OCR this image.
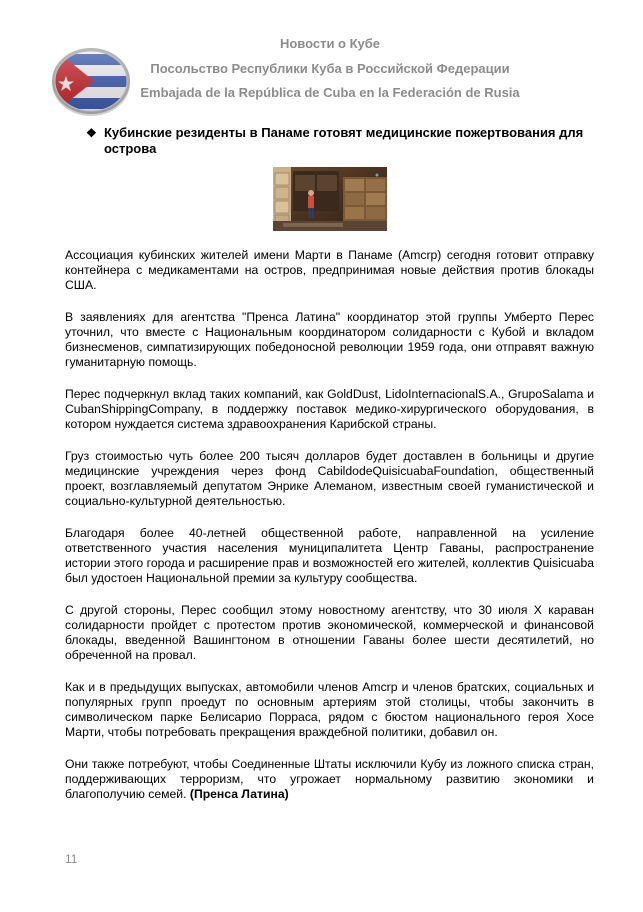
Новости о Кубе
Посольство Республики Куба в Российской Федерации
Embajada de la República de Cuba en la Federación de Rusia
❖ Кубинские резиденты в Панаме готовят медицинские пожертвования для острова

Ассоциация кубинских жителей имени Марти в Панаме (Amcrp) сегодня готовит отправку контейнера с медикаментами на остров, предпринимая новые действия против блокады США.

В заявлениях для агентства "Пренса Латина" координатор этой группы Умберто Перес уточнил, что вместе с Национальным координатором солидарности с Кубой и вкладом бизнесменов, симпатизирующих победоносной революции 1959 года, они отправят важную гуманитарную помощь.

Перес подчеркнул вклад таких компаний, как GoldDust, LidoInternacionalS.A., GrupoSalama и CubanShippingCompany, в поддержку поставок медико-хирургического оборудования, в котором нуждается система здравоохранения Карибской страны.

Груз стоимостью чуть более 200 тысяч долларов будет доставлен в больницы и другие медицинские учреждения через фонд CabildodeQuisicuabaFoundation, общественный проект, возглавляемый депутатом Энрике Алеманом, известным своей гуманистической и социально-культурной деятельностью.

Благодаря более 40-летней общественной работе, направленной на усиление ответственного участия населения муниципалитета Центр Гаваны, распространение истории этого города и расширение прав и возможностей его жителей, коллектив Quisicuaba был удостоен Национальной премии за культуру сообщества.

С другой стороны, Перес сообщил этому новостному агентству, что 30 июля X караван солидарности пройдет с протестом против экономической, коммерческой и финансовой блокады, введенной Вашингтоном в отношении Гаваны более шести десятилетий, но обреченной на провал.

Как и в предыдущих выпусках, автомобили членов Amcrp и членов братских, социальных и популярных групп проедут по основным артериям этой столицы, чтобы закончить в символическом парке Белисарио Порраса, рядом с бюстом национального героя Хосе Марти, чтобы потребовать прекращения враждебной политики, добавил он.

Они также потребуют, чтобы Соединенные Штаты исключили Кубу из ложного списка стран, поддерживающих терроризм, что угрожает нормальному развитию экономики и благополучию семей. (Пренса Латина)

11
